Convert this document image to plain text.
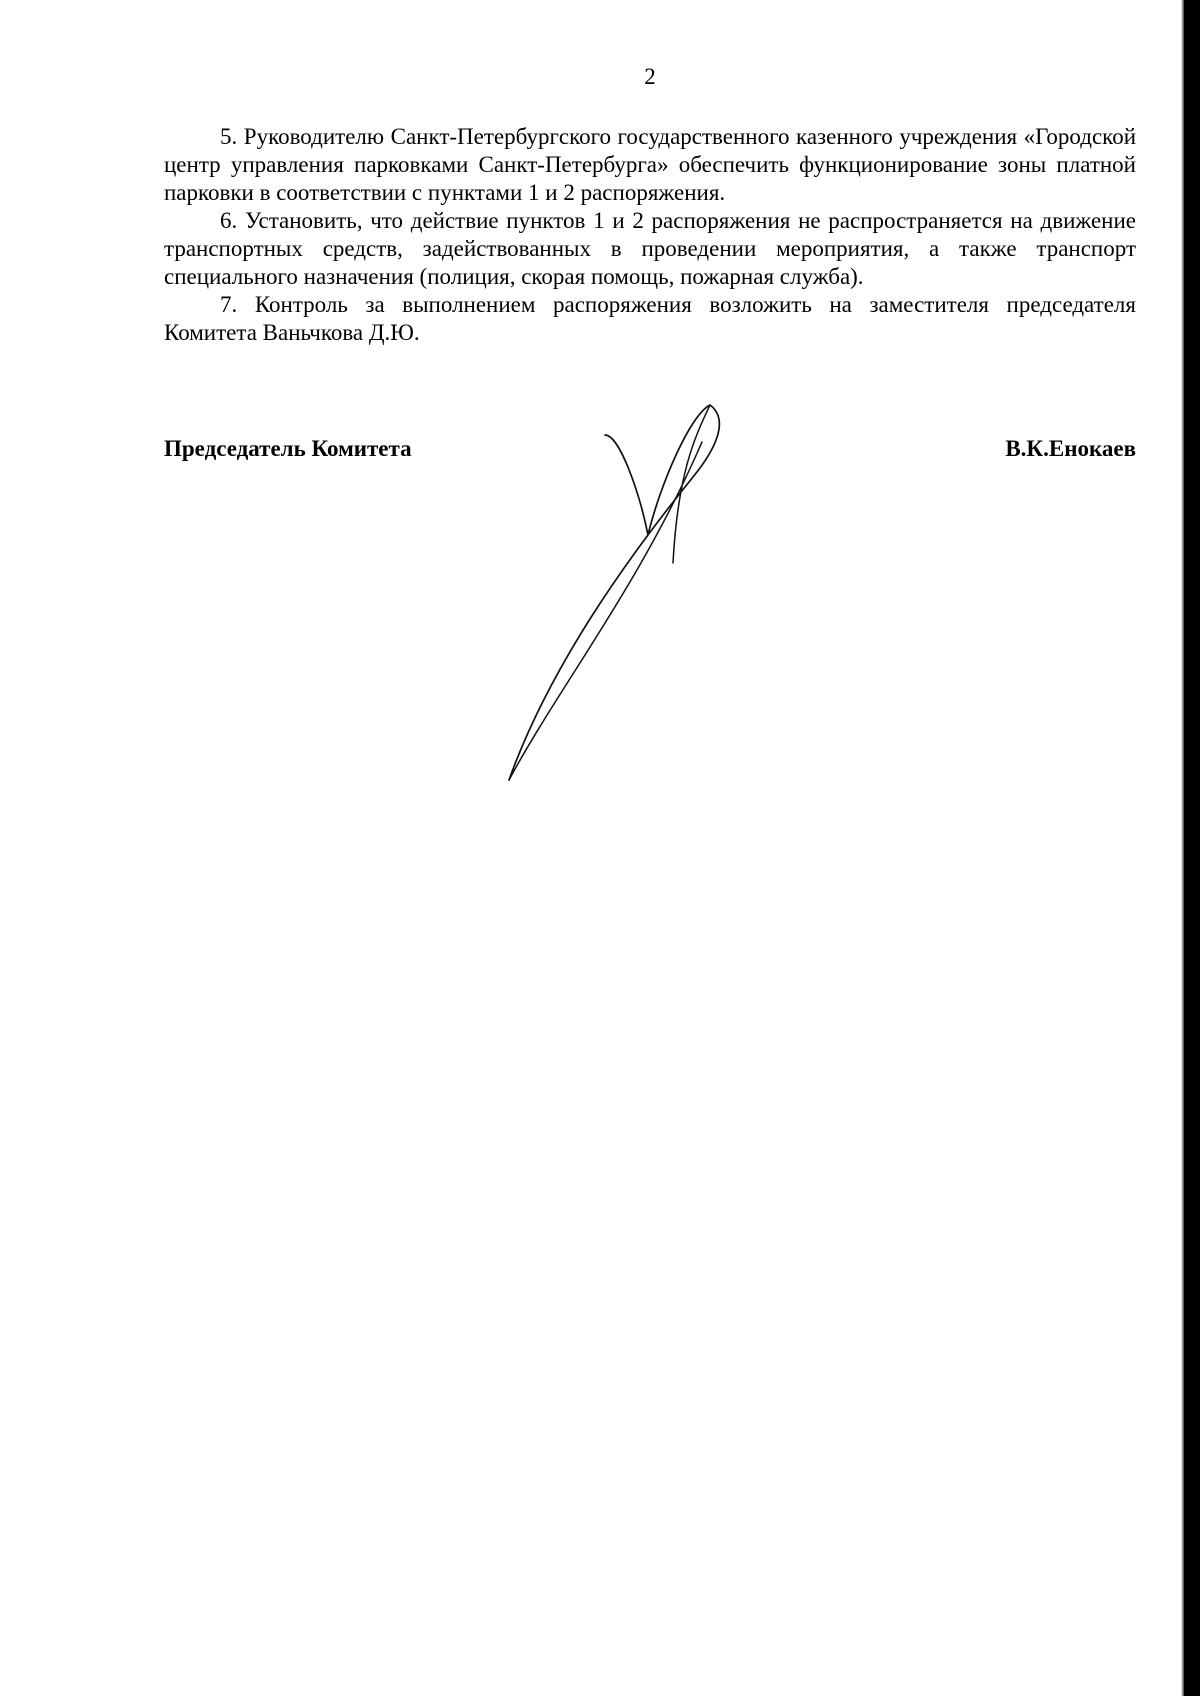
2

5. Руководителю Санкт-Петербургского государственного казенного учреждения «Городской центр управления парковками Санкт-Петербурга» обеспечить функционирование зоны платной парковки в соответствии с пунктами 1 и 2 распоряжения.

6. Установить, что действие пунктов 1 и 2 распоряжения не распространяется на движение транспортных средств, задействованных в проведении мероприятия, а также транспорт специального назначения (полиция, скорая помощь, пожарная служба).

7. Контроль за выполнением распоряжения возложить на заместителя председателя Комитета Ваньчкова Д.Ю.

Председатель Комитета	В.К.Енокаев
